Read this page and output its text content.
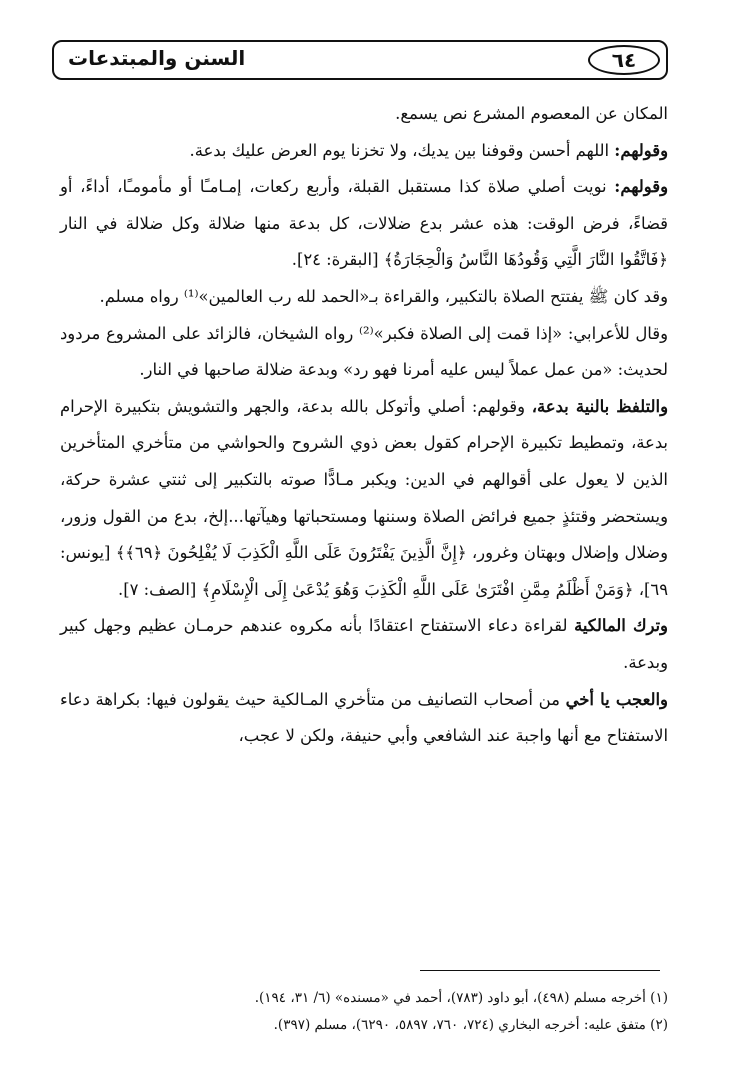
السنن والمبتدعات	٦٤

المكان عن المعصوم المشرع نص يسمع.

وقولهم: اللهم أحسن وقوفنا بين يديك، ولا تخزنا يوم العرض عليك بدعة.

وقولهم: نويت أصلي صلاة كذا مستقبل القبلة، وأربع ركعات، إمـامـًا أو مأمومـًا، أداءً، أو قضاءً، فرض الوقت: هذه عشر بدع ضلالات، كل بدعة منها ضلالة وكل ضلالة في النار ﴿فَاتَّقُوا النَّارَ الَّتِي وَقُودُهَا النَّاسُ وَالْحِجَارَةُ﴾ [البقرة: ٢٤].

وقد كان ﷺ يفتتح الصلاة بالتكبير، والقراءة بـ«الحمد لله رب العالمين»⁽¹⁾ رواه مسلم.

وقال للأعرابي: «إذا قمت إلى الصلاة فكبر»⁽²⁾ رواه الشيخان، فالزائد على المشروع مردود لحديث: «من عمل عملاً ليس عليه أمرنا فهو رد» وبدعة ضلالة صاحبها في النار.

والتلفظ بالنية بدعة، وقولهم: أصلي وأتوكل بالله بدعة، والجهر والتشويش بتكبيرة الإحرام بدعة، وتمطيط تكبيرة الإحرام كقول بعض ذوي الشروح والحواشي من متأخري المتأخرين الذين لا يعول على أقوالهم في الدين: ويكبر مـادًّا صوته بالتكبير إلى ثنتي عشرة حركة، ويستحضر وقتئذٍ جميع فرائض الصلاة وسننها ومستحباتها وهيآتها...إلخ، بدع من القول وزور، وضلال وإضلال وبهتان وغرور، ﴿إِنَّ الَّذِينَ يَفْتَرُونَ عَلَى اللَّهِ الْكَذِبَ لَا يُفْلِحُونَ ﴿٦٩﴾﴾ [يونس: ٦٩]، ﴿وَمَنْ أَظْلَمُ مِمَّنِ افْتَرَىٰ عَلَى اللَّهِ الْكَذِبَ وَهُوَ يُدْعَىٰ إِلَى الْإِسْلَامِ﴾ [الصف: ٧].

وترك المالكية لقراءة دعاء الاستفتاح اعتقادًا بأنه مكروه عندهم حرمـان عظيم وجهل كبير وبدعة.

والعجب يا أخي من أصحاب التصانيف من متأخري المـالكية حيث يقولون فيها: بكراهة دعاء الاستفتاح مع أنها واجبة عند الشافعي وأبي حنيفة، ولكن لا عجب،

(١) أخرجه مسلم (٤٩٨)، أبو داود (٧٨٣)، أحمد في «مسنده» (٦/ ٣١، ١٩٤).

(٢) متفق عليه: أخرجه البخاري (٧٢٤، ٧٦٠، ٥٨٩٧، ٦٢٩٠)، مسلم (٣٩٧).
